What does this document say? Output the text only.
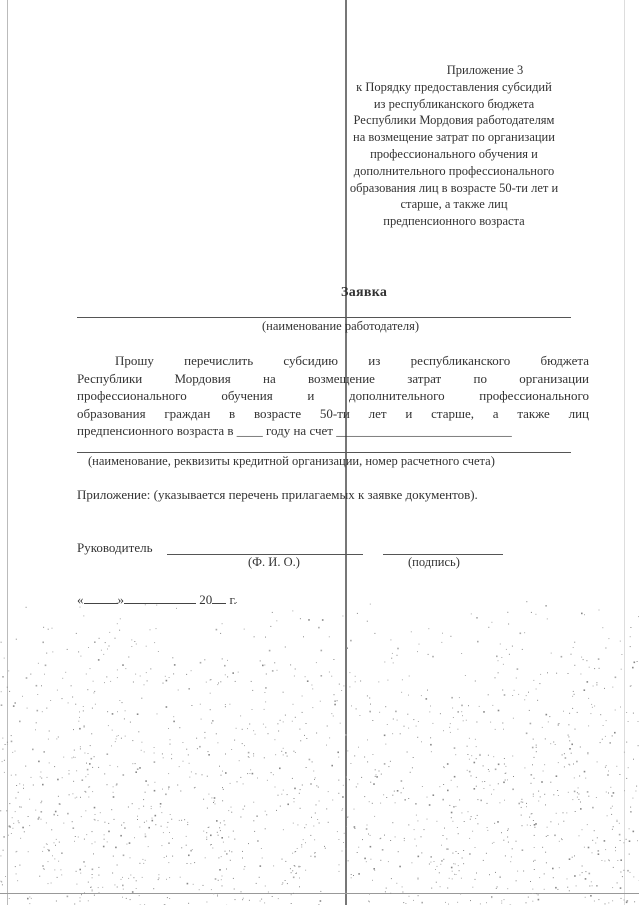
Приложение 3
к Порядку предоставления субсидий
из республиканского бюджета
Республики Мордовия работодателям
на возмещение затрат по организации
профессионального обучения и
дополнительного профессионального
образования лиц в возрасте 50-ти лет и
старше, а также лиц
предпенсионного возраста
Заявка
(наименование работодателя)
Прошу перечислить субсидию из республиканского бюджета
Республики Мордовия на возмещение затрат по организации
профессионального обучения и дополнительного профессионального
образования граждан в возрасте 50-ти лет и старше, а также лиц
предпенсионного возраста в ____ году на счет ___________________________
(наименование, реквизиты кредитной организации, номер расчетного счета)
Приложение: (указывается перечень прилагаемых к заявке документов).
Руководитель
(Ф. И. О.)	(подпись)
«	»	20 г.
